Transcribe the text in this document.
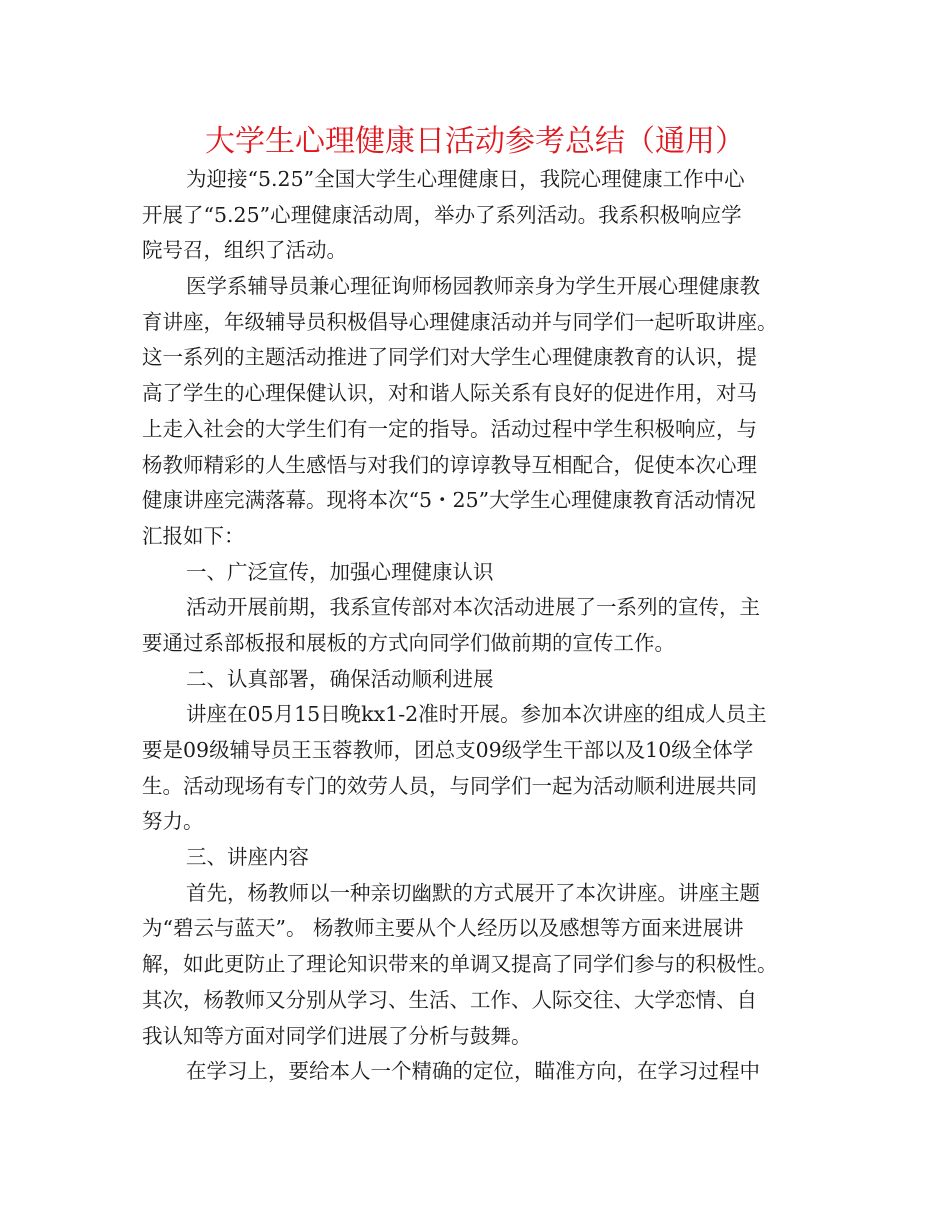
大学生心理健康日活动参考总结（通用）

为迎接“5.25”全国大学生心理健康日，我院心理健康工作中心
开展了“5.25”心理健康活动周，举办了系列活动。我系积极响应学
院号召，组织了活动。

医学系辅导员兼心理征询师杨园教师亲身为学生开展心理健康教
育讲座，年级辅导员积极倡导心理健康活动并与同学们一起听取讲座。
这一系列的主题活动推进了同学们对大学生心理健康教育的认识，提
高了学生的心理保健认识，对和谐人际关系有良好的促进作用，对马
上走入社会的大学生们有一定的指导。活动过程中学生积极响应，与
杨教师精彩的人生感悟与对我们的谆谆教导互相配合，促使本次心理
健康讲座完满落幕。现将本次“5・25”大学生心理健康教育活动情况
汇报如下：

一、广泛宣传，加强心理健康认识

活动开展前期，我系宣传部对本次活动进展了一系列的宣传，主
要通过系部板报和展板的方式向同学们做前期的宣传工作。

二、认真部署，确保活动顺利进展

讲座在05月15日晚kx1-2准时开展。参加本次讲座的组成人员主
要是09级辅导员王玉蓉教师，团总支09级学生干部以及10级全体学
生。活动现场有专门的效劳人员，与同学们一起为活动顺利进展共同
努力。

三、讲座内容

首先，杨教师以一种亲切幽默的方式展开了本次讲座。讲座主题
为“碧云与蓝天”。 杨教师主要从个人经历以及感想等方面来进展讲
解，如此更防止了理论知识带来的单调又提高了同学们参与的积极性。
其次，杨教师又分别从学习、生活、工作、人际交往、大学恋情、自
我认知等方面对同学们进展了分析与鼓舞。

在学习上，要给本人一个精确的定位，瞄准方向，在学习过程中
